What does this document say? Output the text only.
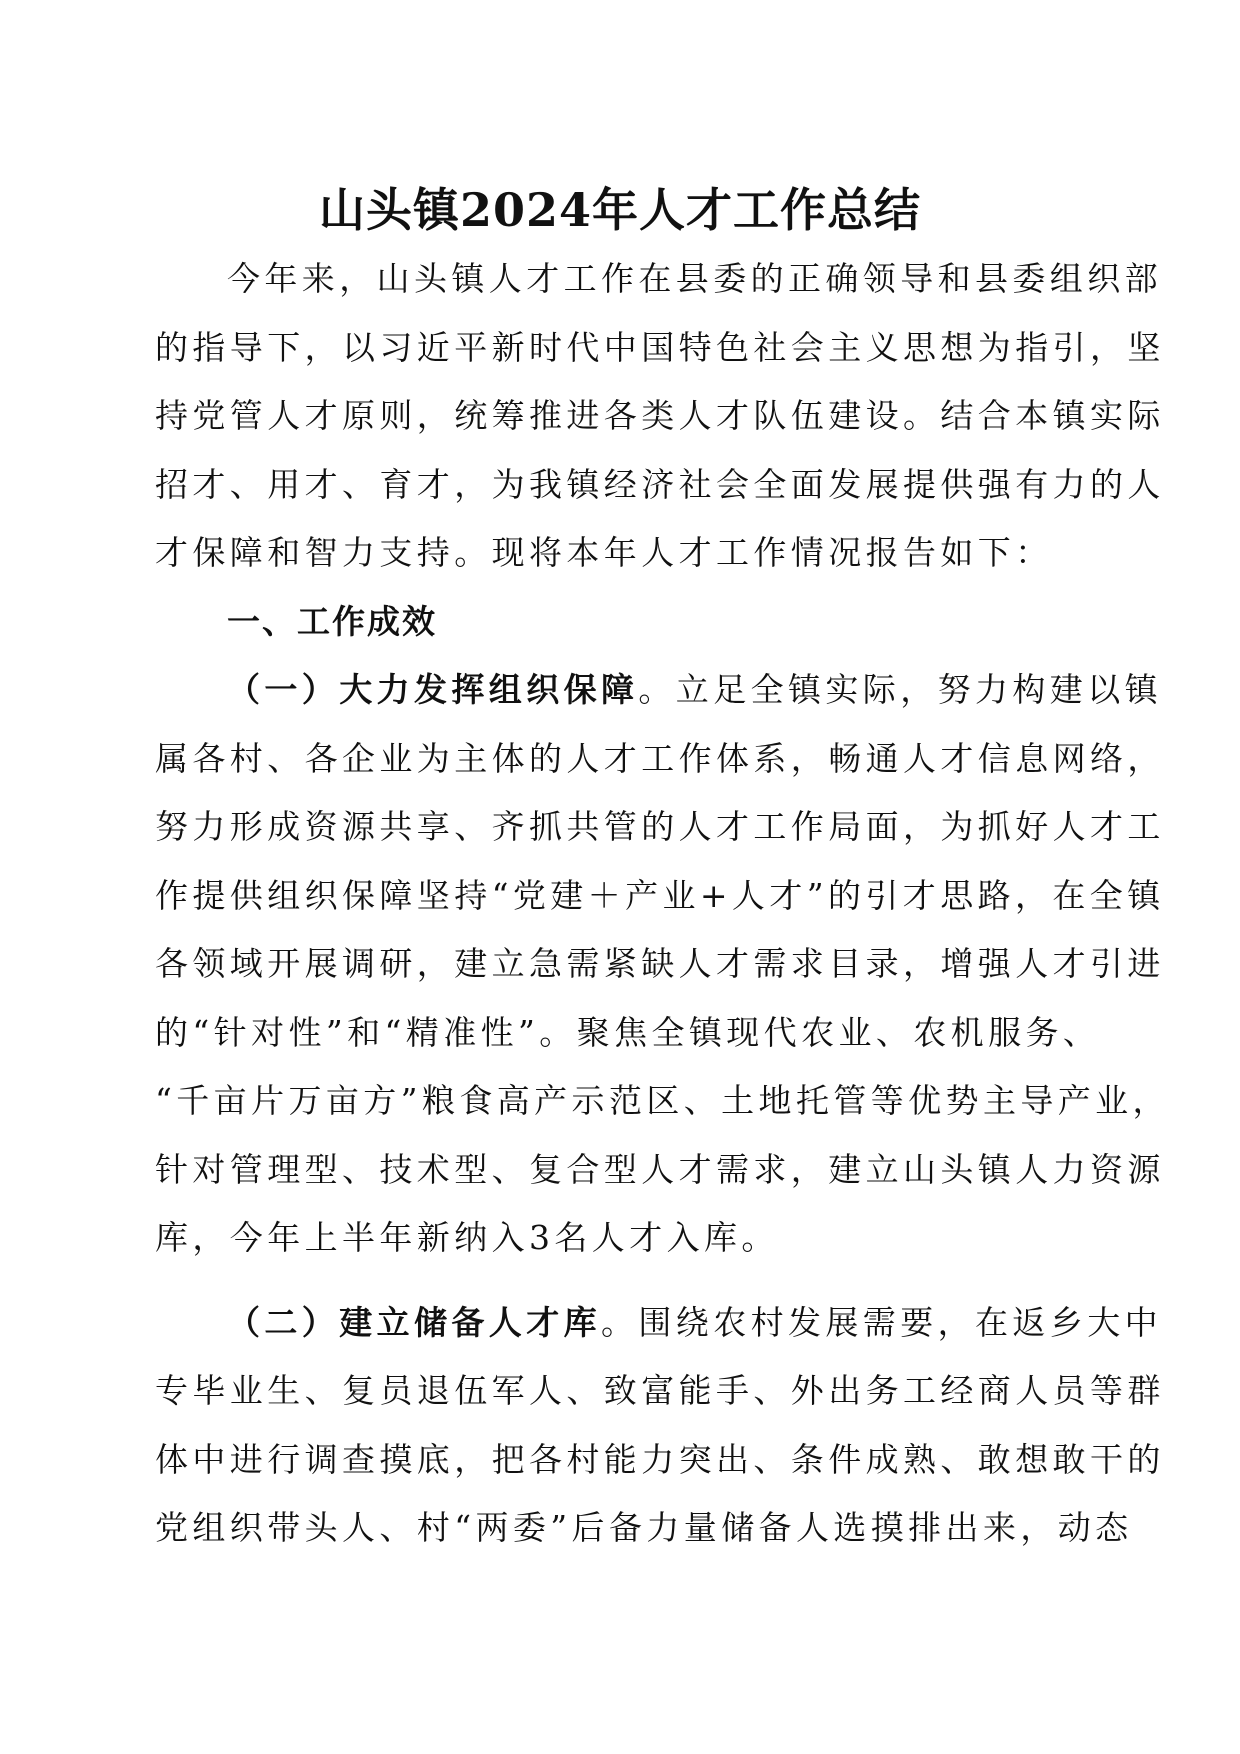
山头镇2024年人才工作总结
今年来，山头镇人才工作在县委的正确领导和县委组织部
的指导下，以习近平新时代中国特色社会主义思想为指引，坚
持党管人才原则，统筹推进各类人才队伍建设。结合本镇实际
招才、用才、育才，为我镇经济社会全面发展提供强有力的人
才保障和智力支持。现将本年人才工作情况报告如下：
一、工作成效
（一）大力发挥组织保障。立足全镇实际，努力构建以镇
属各村、各企业为主体的人才工作体系，畅通人才信息网络，
努力形成资源共享、齐抓共管的人才工作局面，为抓好人才工
作提供组织保障坚持“党建＋产业+人才”的引才思路，在全镇
各领域开展调研，建立急需紧缺人才需求目录，增强人才引进
的“针对性”和“精准性”。聚焦全镇现代农业、农机服务、
“千亩片万亩方”粮食高产示范区、土地托管等优势主导产业，
针对管理型、技术型、复合型人才需求，建立山头镇人力资源
库，今年上半年新纳入3名人才入库。
（二）建立储备人才库。围绕农村发展需要，在返乡大中
专毕业生、复员退伍军人、致富能手、外出务工经商人员等群
体中进行调查摸底，把各村能力突出、条件成熟、敢想敢干的
党组织带头人、村“两委”后备力量储备人选摸排出来，动态
